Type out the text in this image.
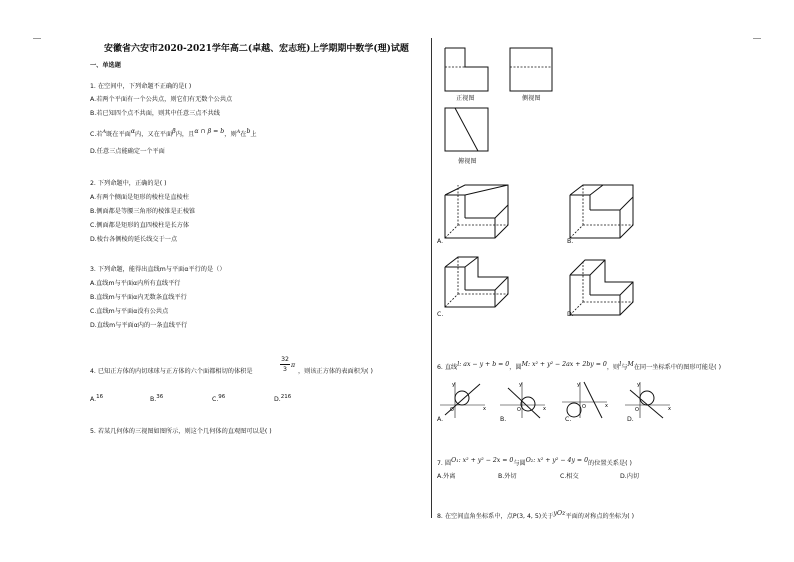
安徽省六安市2020-2021学年高二(卓越、宏志班)上学期期中数学(理)试题
一、单选题
1. 在空间中，下列命题不正确的是( )
A.若两个平面有一个公共点，则它们有无数个公共点
B.若已知四个点不共面，则其中任意三点不共线
C.若$^A$既在平面α内，又在平面β内，且α ∩ β = b，则$^A$在b上
D.任意三点能确定一个平面
2. 下列命题中，正确的是( )
A.有两个侧面是矩形的棱柱是直棱柱
B.侧面都是等腰三角形的棱锥是正棱锥
C.侧面都是矩形的直四棱柱是长方体
D.棱台各侧棱的延长线交于一点
3. 下列命题，能得出直线m与平面α平行的是（）
A.直线m与平面α内所有直线平行
B.直线m与平面α内无数条直线平行
C.直线m与平面α没有公共点
D.直线m与平面α内的一条直线平行
4. 已知正方体的内切球球与正方体的六个面都相切的体积是
32
3
π
，则该正方体的表面积为( )
A.$^{16}$	B.$^{36}$	C.$^{96}$	D.$^{216}$
5. 若某几何体的三视图如图所示，则这个几何体的直观图可以是( )
正视图	侧视图
俯视图
A.	B.
C.	D.
6. 直线l: ax − y + b = 0，圆M: x² + y² − 2ax + 2by = 0，则l与M在同一坐标系中的图形可能是( )
y
x
O
A.
y
x
O
B.
y
x
O
C.
y
x
O
D.
7. 圆O₁: x² + y² − 2x = 0与圆O₂: x² + y² − 4y = 0的位置关系是( )
A.外离	B.外切	C.相交	D.内切
8. 在空间直角坐标系中，点P(3, 4, 5)关于yOz平面的对称点的坐标为( )
